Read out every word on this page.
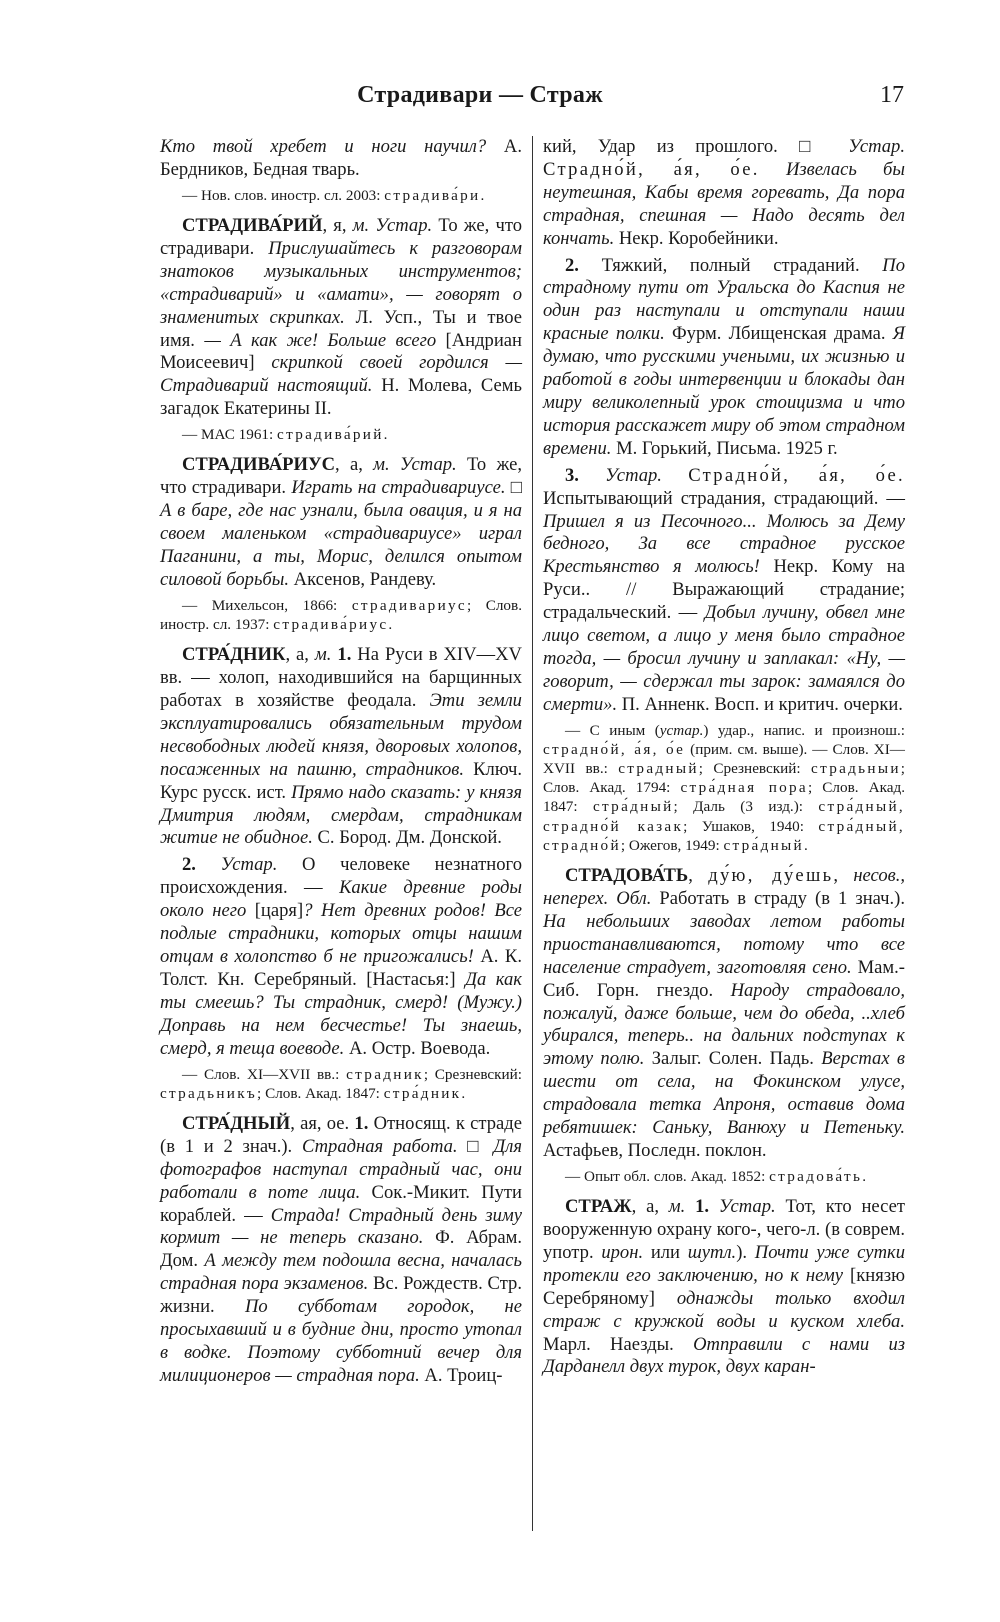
Страдивари — Страж	17

Кто твой хребет и ноги научил? А. Бердников, Бедная тварь.

— Нов. слов. иностр. сл. 2003: страдива́ри.

СТРАДИВА́РИЙ, я, м. Устар. То же, что страдивари. Прислушайтесь к разговорам знатоков музыкальных инструментов; «страдиварий» и «амати», — говорят о знаменитых скрипках. Л. Усп., Ты и твое имя. — А как же! Больше всего [Андриан Моисеевич] скрипкой своей гордился — Страдиварий настоящий. Н. Молева, Семь загадок Екатерины II.

— МАС 1961: страдива́рий.

СТРАДИВА́РИУС, а, м. Устар. То же, что страдивари. Играть на страдивариусе. □ А в баре, где нас узнали, была овация, и я на своем маленьком «страдивариусе» играл Паганини, а ты, Морис, делился опытом силовой борьбы. Аксенов, Рандеву.

— Михельсон, 1866: страдивариус; Слов. иностр. сл. 1937: страдива́риус.

СТРА́ДНИК, а, м. 1. На Руси в XIV—XV вв. — холоп, находившийся на барщинных работах в хозяйстве феодала. Эти земли эксплуатировались обязательным трудом несвободных людей князя, дворовых холопов, посаженных на пашню, страдников. Ключ. Курс русск. ист. Прямо надо сказать: у князя Дмитрия людям, смердам, страдникам житие не обидное. С. Бород. Дм. Донской.

2. Устар. О человеке незнатного происхождения. — Какие древние роды около него [царя]? Нет древних родов! Все подлые страдники, которых отцы нашим отцам в холопство б не пригожались! А. К. Толст. Кн. Серебряный. [Настасья:] Да как ты смеешь? Ты страдник, смерд! (Мужу.) Доправь на нем бесчестье! Ты знаешь, смерд, я теща воеводе. А. Остр. Воевода.

— Слов. XI—XVII вв.: страдник; Срезневский: страдьникъ; Слов. Акад. 1847: стра́дник.

СТРА́ДНЫЙ, ая, ое. 1. Относящ. к страде (в 1 и 2 знач.). Страдная работа. □ Для фотографов наступал страдный час, они работали в поте лица. Сок.-Микит. Пути кораблей. — Страда! Страдный день зиму кормит — не теперь сказано. Ф. Абрам. Дом. А между тем подошла весна, началась страдная пора экзаменов. Вс. Рождеств. Стр. жизни. По субботам городок, не просыхавший и в будние дни, просто утопал в водке. Поэтому субботний вечер для милиционеров — страдная пора. А. Троиц-

кий, Удар из прошлого. □ Устар. Страдно́й, а́я, о́е. Извелась бы неутешная, Кабы время горевать, Да пора страдная, спешная — Надо десять дел кончать. Некр. Коробейники.

2. Тяжкий, полный страданий. По страдному пути от Уральска до Каспия не один раз наступали и отступали наши красные полки. Фурм. Лбищенская драма. Я думаю, что русскими учеными, их жизнью и работой в годы интервенции и блокады дан миру великолепный урок стоицизма и что история расскажет миру об этом страдном времени. М. Горький, Письма. 1925 г.

3. Устар. Страдно́й, а́я, о́е. Испытывающий страдания, страдающий. — Пришел я из Песочного... Молюсь за Дему бедного, За все страдное русское Крестьянство я молюсь! Некр. Кому на Руси.. // Выражающий страдание; страдальческий. — Добыл лучину, обвел мне лицо светом, а лицо у меня было страдное тогда, — бросил лучину и заплакал: «Ну, — говорит, — сдержал ты зарок: замаялся до смерти». П. Анненк. Восп. и критич. очерки.

— С иным (устар.) удар., напис. и произнош.: страдно́й, а́я, о́е (прим. см. выше). — Слов. XI—XVII вв.: страдный; Срезневский: страдьныи; Слов. Акад. 1794: стра́дная пора; Слов. Акад. 1847: стра́дный; Даль (3 изд.): стра́дный, страдно́й казак; Ушаков, 1940: стра́дный, страдно́й; Ожегов, 1949: стра́дный.

СТРАДОВА́ТЬ, ду́ю, ду́ешь, несов., неперех. Обл. Работать в страду (в 1 знач.). На небольших заводах летом работы приостанавливаются, потому что все население страдует, заготовляя сено. Мам.-Сиб. Горн. гнездо. Народу страдовало, пожалуй, даже больше, чем до обеда, ..хлеб убирался, теперь.. на дальних подступах к этому полю. Залыг. Солен. Падь. Верстах в шести от села, на Фокинском улусе, страдовала тетка Апроня, оставив дома ребятишек: Саньку, Ванюху и Петеньку. Астафьев, Последн. поклон.

— Опыт обл. слов. Акад. 1852: страдова́ть.

СТРАЖ, а, м. 1. Устар. Тот, кто несет вооруженную охрану кого-, чего-л. (в соврем. употр. ирон. или шутл.). Почти уже сутки протекли его заключению, но к нему [князю Серебряному] однажды только входил страж с кружкой воды и куском хлеба. Марл. Наезды. Отправили с нами из Дарданелл двух турок, двух каран-
